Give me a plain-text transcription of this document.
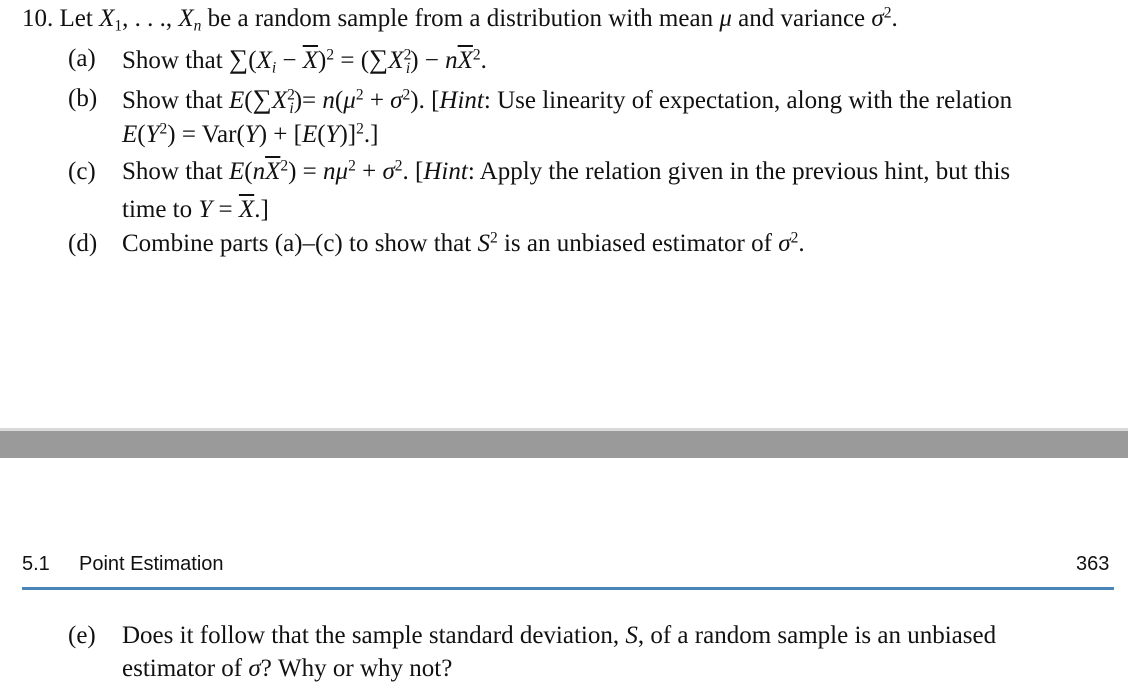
10. Let $X_1$, . . ., $X_n$ be a random sample from a distribution with mean μ and variance $\sigma^2$.
(a) Show that $\sum(X_i - \overline{X})^2 = (\sum X^2_i) - n\overline{X}^2$.
(b) Show that $E(\sum X^2_i)= n(\mu^2 + \sigma^2)$. [Hint: Use linearity of expectation, along with the relation
$E(Y^2) = Var(Y) + [E(Y)]^2$.]
(c) Show that $E(n\overline{X}^2) = n\mu^2 + \sigma^2$. [Hint: Apply the relation given in the previous hint, but this
time to $Y = \overline{X}$.]
(d) Combine parts (a)–(c) to show that $S^2$ is an unbiased estimator of $\sigma^2$.
5.1 Point Estimation	363
(e) Does it follow that the sample standard deviation, S, of a random sample is an unbiased
estimator of σ? Why or why not?
